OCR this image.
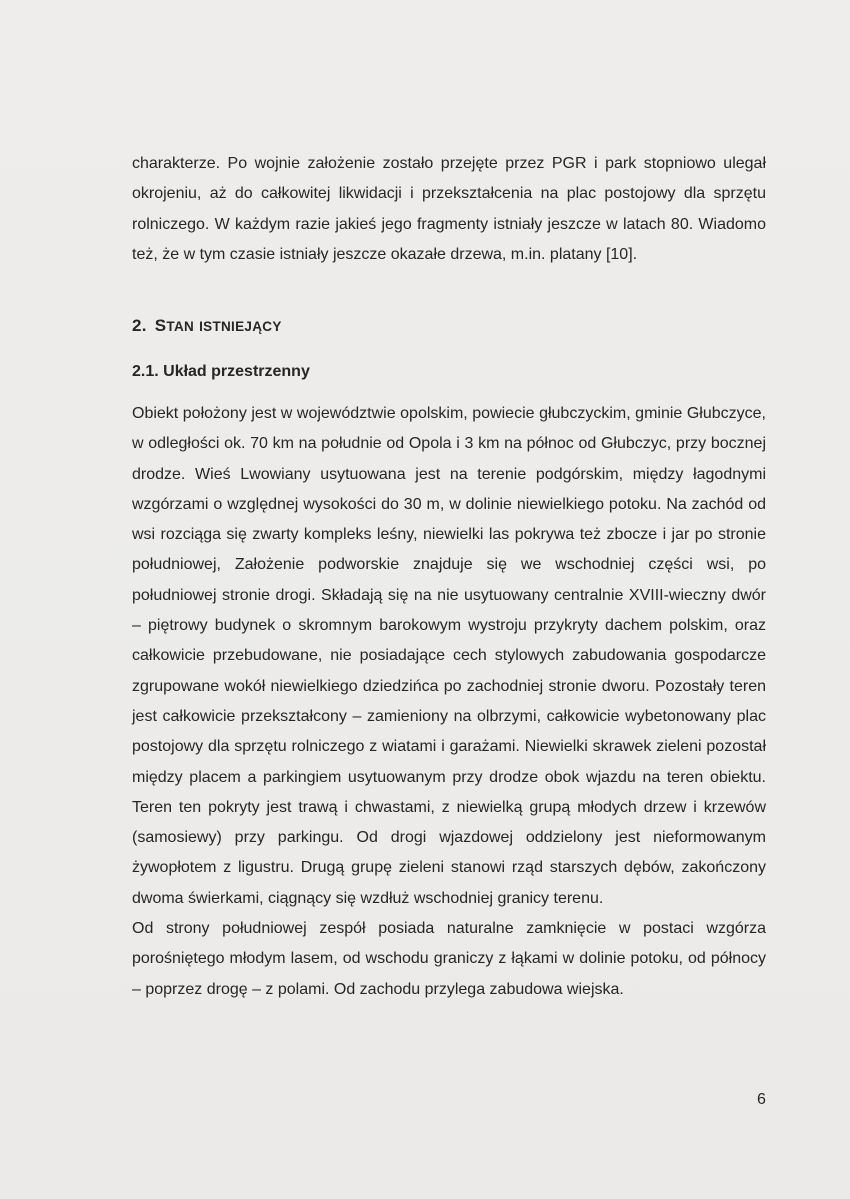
charakterze. Po wojnie założenie zostało przejęte przez PGR i park stopniowo ulegał okrojeniu, aż do całkowitej likwidacji i przekształcenia na plac postojowy dla sprzętu rolniczego. W każdym razie jakieś jego fragmenty istniały jeszcze w latach 80. Wiadomo też, że w tym czasie istniały jeszcze okazałe drzewa, m.in. platany [10].

2. STAN ISTNIEJĄCY
2.1. Układ przestrzenny

Obiekt położony jest w województwie opolskim, powiecie głubczyckim, gminie Głubczyce, w odległości ok. 70 km na południe od Opola i 3 km na północ od Głubczyc, przy bocznej drodze. Wieś Lwowiany usytuowana jest na terenie podgórskim, między łagodnymi wzgórzami o względnej wysokości do 30 m, w dolinie niewielkiego potoku. Na zachód od wsi rozciąga się zwarty kompleks leśny, niewielki las pokrywa też zbocze i jar po stronie południowej, Założenie podworskie znajduje się we wschodniej części wsi, po południowej stronie drogi. Składają się na nie usytuowany centralnie XVIII-wieczny dwór – piętrowy budynek o skromnym barokowym wystroju przykryty dachem polskim, oraz całkowicie przebudowane, nie posiadające cech stylowych zabudowania gospodarcze zgrupowane wokół niewielkiego dziedzińca po zachodniej stronie dworu. Pozostały teren jest całkowicie przekształcony – zamieniony na olbrzymi, całkowicie wybetonowany plac postojowy dla sprzętu rolniczego z wiatami i garażami. Niewielki skrawek zieleni pozostał między placem a parkingiem usytuowanym przy drodze obok wjazdu na teren obiektu. Teren ten pokryty jest trawą i chwastami, z niewielką grupą młodych drzew i krzewów (samosiewy) przy parkingu. Od drogi wjazdowej oddzielony jest nieformowanym żywopłotem z ligustru. Drugą grupę zieleni stanowi rząd starszych dębów, zakończony dwoma świerkami, ciągnący się wzdłuż wschodniej granicy terenu.

Od strony południowej zespół posiada naturalne zamknięcie w postaci wzgórza porośniętego młodym lasem, od wschodu graniczy z łąkami w dolinie potoku, od północy – poprzez drogę – z polami. Od zachodu przylega zabudowa wiejska.

6
